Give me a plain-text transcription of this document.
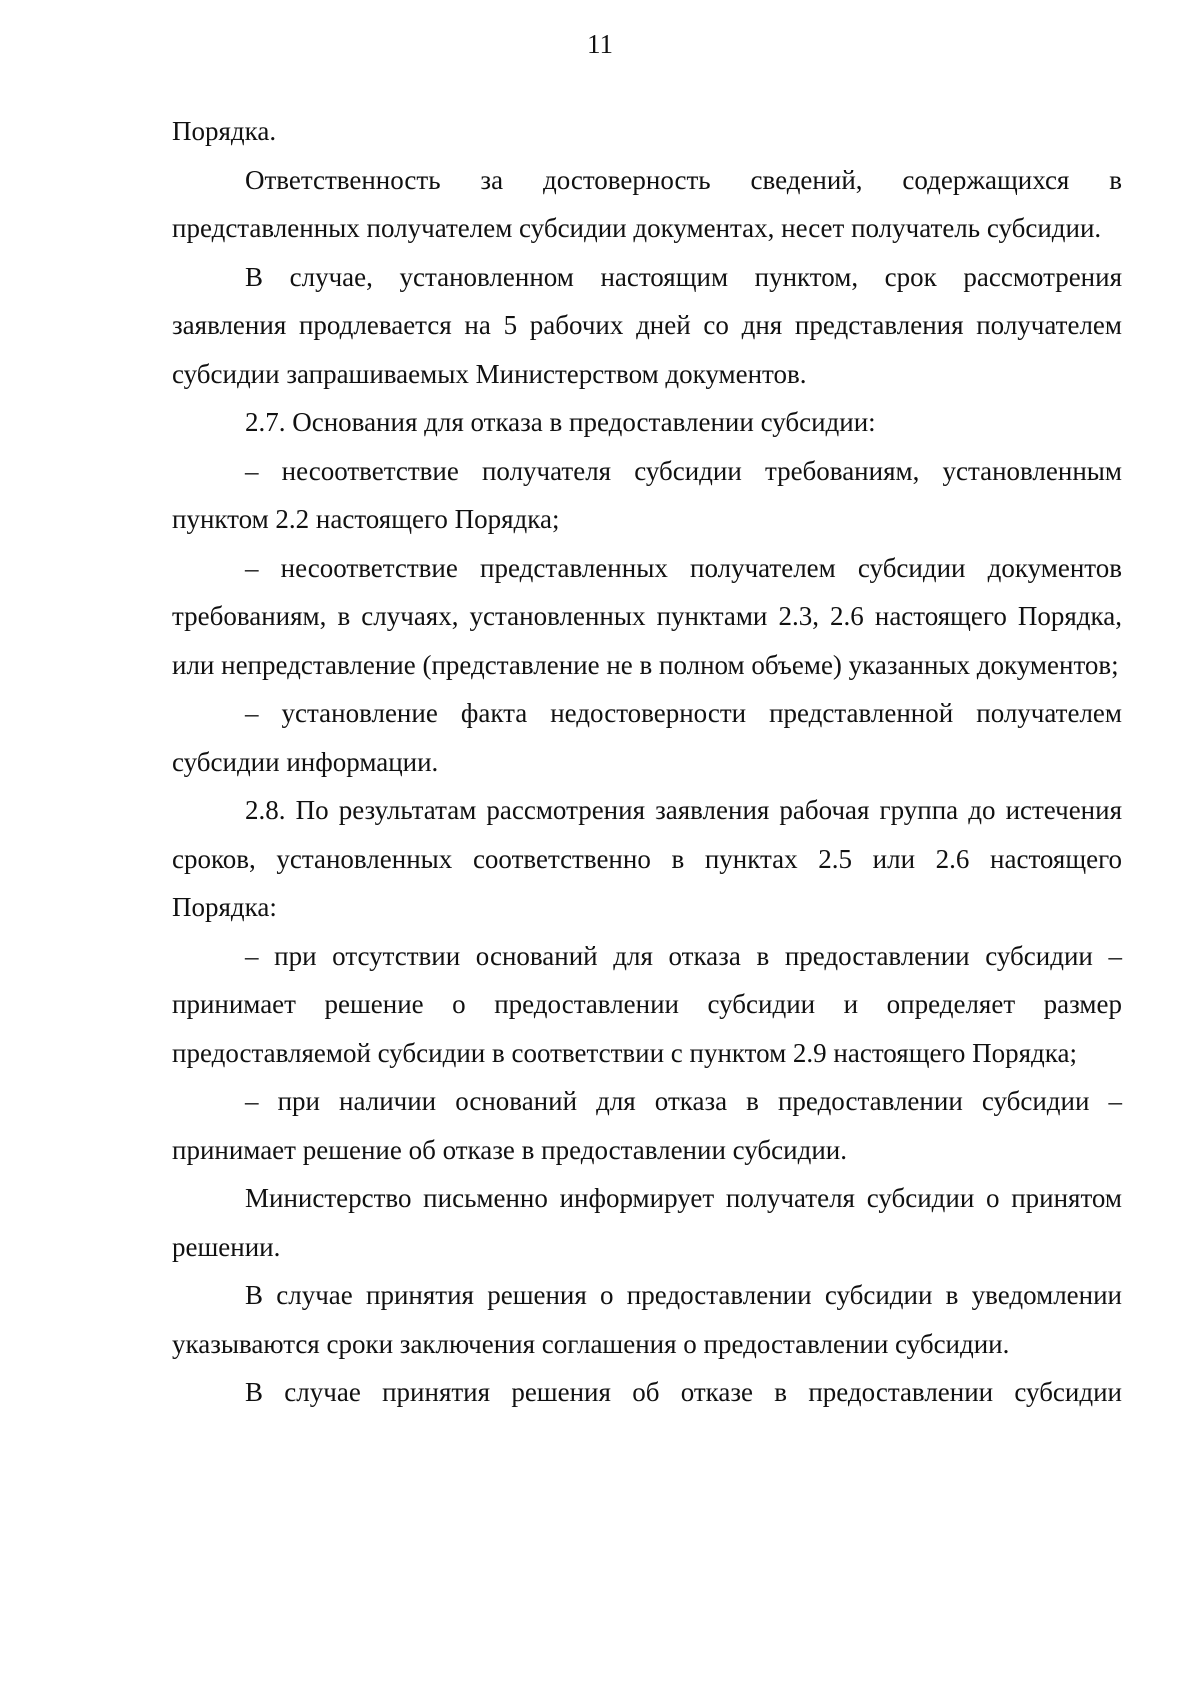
11

Порядка.

Ответственность за достоверность сведений, содержащихся в представленных получателем субсидии документах, несет получатель субсидии.

В случае, установленном настоящим пунктом, срок рассмотрения заявления продлевается на 5 рабочих дней со дня представления получателем субсидии запрашиваемых Министерством документов.

2.7. Основания для отказа в предоставлении субсидии:

– несоответствие получателя субсидии требованиям, установленным пунктом 2.2 настоящего Порядка;

– несоответствие представленных получателем субсидии документов требованиям, в случаях, установленных пунктами 2.3, 2.6 настоящего Порядка, или непредставление (представление не в полном объеме) указанных документов;

– установление факта недостоверности представленной получателем субсидии информации.

2.8. По результатам рассмотрения заявления рабочая группа до истечения сроков, установленных соответственно в пунктах 2.5 или 2.6 настоящего Порядка:

– при отсутствии оснований для отказа в предоставлении субсидии – принимает решение о предоставлении субсидии и определяет размер предоставляемой субсидии в соответствии с пунктом 2.9 настоящего Порядка;

– при наличии оснований для отказа в предоставлении субсидии – принимает решение об отказе в предоставлении субсидии.

Министерство письменно информирует получателя субсидии о принятом решении.

В случае принятия решения о предоставлении субсидии в уведомлении указываются сроки заключения соглашения о предоставлении субсидии.

В случае принятия решения об отказе в предоставлении субсидии
